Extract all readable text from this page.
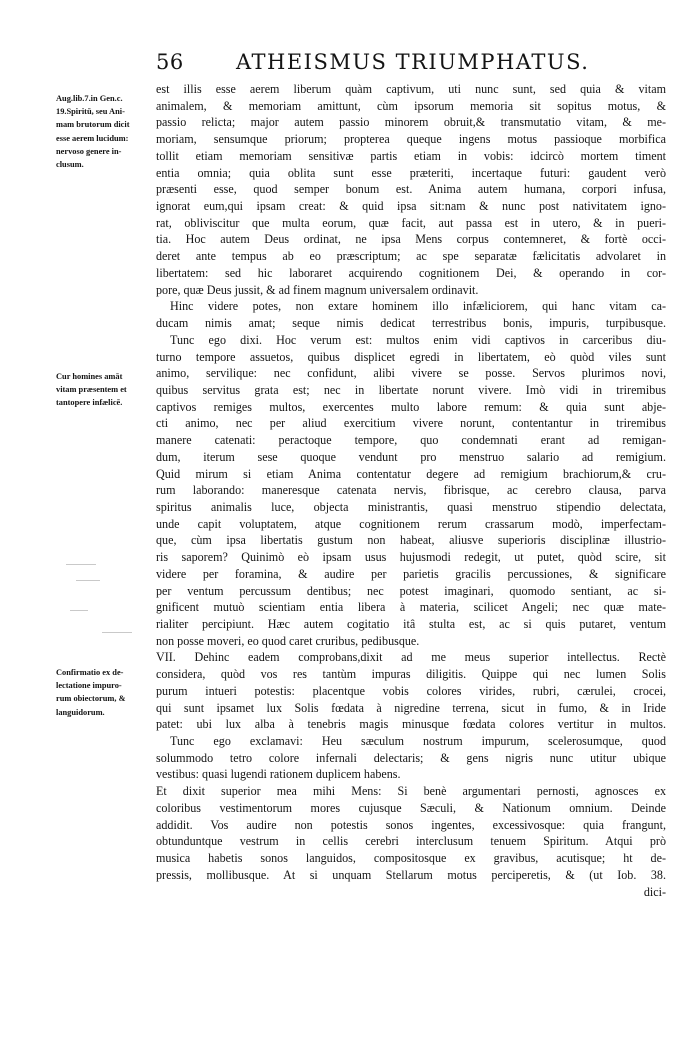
56 ATHEISMUS TRIUMPHATUS.
Aug.lib.7.in Gen.c.
19.Spiritū, seu Ani-
mam brutorum dicit
esse aerem lucidum:
nervoso genere in-
clusum.
Cur homines amāt
vitam præsentem et
tantopere infælicē.
Confirmatio ex de-
lectatione impuro-
rum obiectorum, &
languidorum.
est illis esse aerem liberum quàm captivum, uti nunc sunt, sed quia & vitam
animalem, & memoriam amittunt, cùm ipsorum memoria sit sopitus motus, &
passio relicta; major autem passio minorem obruit,& transmutatio vitam, & me-
moriam, sensumque priorum; propterea queque ingens motus passioque morbifica
tollit etiam memoriam sensitivæ partis etiam in vobis: idcircò mortem timent
entia omnia; quia oblita sunt esse præteriti, incertaque futuri: gaudent verò
præsenti esse, quod semper bonum est. Anima autem humana, corpori infusa,
ignorat eum,qui ipsam creat: & quid ipsa sit:nam & nunc post nativitatem igno-
rat, obliviscitur que multa eorum, quæ facit, aut passa est in utero, & in pueri-
tia. Hoc autem Deus ordinat, ne ipsa Mens corpus contemneret, & fortè occi-
deret ante tempus ab eo præscriptum; ac spe separatæ fælicitatis advolaret in
libertatem: sed hic laboraret acquirendo cognitionem Dei, & operando in cor-
pore, quæ Deus jussit, & ad finem magnum universalem ordinavit.
Hinc videre potes, non extare hominem illo infæliciorem, qui hanc vitam ca-
ducam nimis amat; seque nimis dedicat terrestribus bonis, impuris, turpibusque.
Tunc ego dixi. Hoc verum est: multos enim vidi captivos in carceribus diu-
turno tempore assuetos, quibus displicet egredi in libertatem, eò quòd viles sunt
animo, servilique: nec confidunt, alibi vivere se posse. Servos plurimos novi,
quibus servitus grata est; nec in libertate norunt vivere. Imò vidi in triremibus
captivos remiges multos, exercentes multo labore remum: & quia sunt abje-
cti animo, nec per aliud exercitium vivere norunt, contentantur in triremibus
manere catenati: peractoque tempore, quo condemnati erant ad remigan-
dum, iterum sese quoque vendunt pro menstruo salario ad remigium.
Quid mirum si etiam Anima contentatur degere ad remigium brachiorum,& cru-
rum laborando: maneresque catenata nervis, fibrisque, ac cerebro clausa, parva
spiritus animalis luce, objecta ministrantis, quasi menstruo stipendio delectata,
unde capit voluptatem, atque cognitionem rerum crassarum modò, imperfectam-
que, cùm ipsa libertatis gustum non habeat, aliusve superioris disciplinæ illustrio-
ris saporem? Quinimò eò ipsam usus hujusmodi redegit, ut putet, quòd scire, sit
videre per foramina, & audire per parietis gracilis percussiones, & significare
per ventum percussum dentibus; nec potest imaginari, quomodo sentiant, ac si-
gnificent mutuò scientiam entia libera à materia, scilicet Angeli; nec quæ mate-
rialiter percipiunt. Hæc autem cogitatio itâ stulta est, ac si quis putaret, ventum
non posse moveri, eo quod caret cruribus, pedibusque.
VII. Dehinc eadem comprobans,dixit ad me meus superior intellectus. Rectè
considera, quòd vos res tantùm impuras diligitis. Quippe qui nec lumen Solis
purum intueri potestis: placentque vobis colores virides, rubri, cærulei, crocei,
qui sunt ipsamet lux Solis fœdata à nigredine terrena, sicut in fumo, & in Iride
patet: ubi lux alba à tenebris magis minusque fœdata colores vertitur in multos.
Tunc ego exclamavi: Heu sæculum nostrum impurum, scelerosumque, quod
solummodo tetro colore infernali delectaris; & gens nigris nunc utitur ubique
vestibus: quasi lugendi rationem duplicem habens.
Et dixit superior mea mihi Mens: Si benè argumentari pernosti, agnosces ex
coloribus vestimentorum mores cujusque Sæculi, & Nationum omnium. Deinde
addidit. Vos audire non potestis sonos ingentes, excessivosque: quia frangunt,
obtunduntque vestrum in cellis cerebri interclusum tenuem Spiritum. Atqui prò
musica habetis sonos languidos, compositosque ex gravibus, acutisque; ht de-
pressis, mollibusque. At si unquam Stellarum motus perciperetis, & (ut Iob. 38.
dici-
